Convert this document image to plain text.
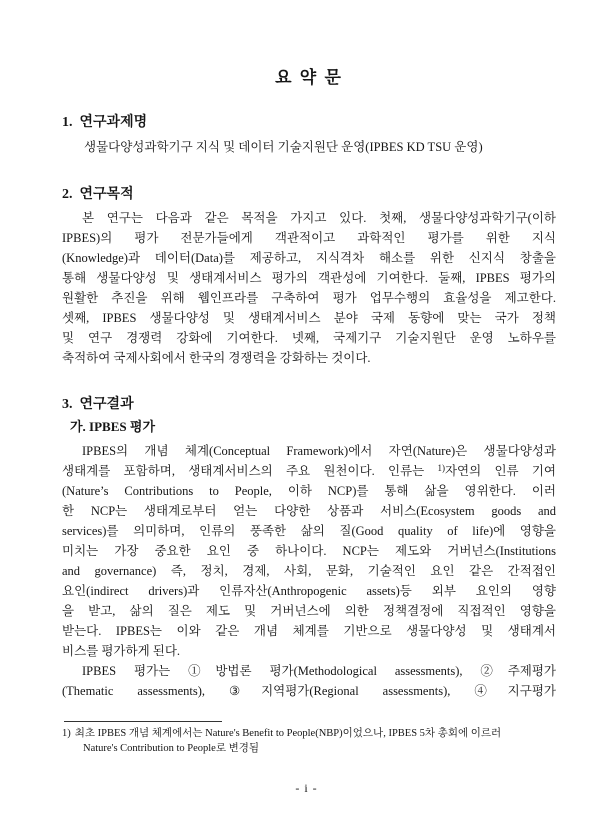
요 약 문
1.  연구과제명
생물다양성과학기구 지식 및 데이터 기술지원단 운영(IPBES KD TSU 운영)
2.  연구목적
본 연구는 다음과 같은 목적을 가지고 있다. 첫째, 생물다양성과학기구(이하
IPBES)의 평가 전문가들에게 객관적이고 과학적인 평가를 위한 지식
(Knowledge)과 데이터(Data)를 제공하고, 지식격차 해소를 위한 신지식 창출을
통해 생물다양성 및 생태계서비스 평가의 객관성에 기여한다. 둘째, IPBES 평가의
원활한 추진을 위해 웹인프라를 구축하여 평가 업무수행의 효율성을 제고한다.
셋째, IPBES 생물다양성 및 생태계서비스 분야 국제 동향에 맞는 국가 정책
및 연구 경쟁력 강화에 기여한다. 넷째, 국제기구 기술지원단 운영 노하우를
축적하여 국제사회에서 한국의 경쟁력을 강화하는 것이다.
3.  연구결과
가. IPBES 평가
IPBES의 개념 체계(Conceptual Framework)에서 자연(Nature)은 생물다양성과
생태계를 포함하며, 생태계서비스의 주요 원천이다. 인류는 $^{1)}$자연의 인류 기여
(Nature’s Contributions to People, 이하 NCP)를 통해 삶을 영위한다. 이러
한 NCP는 생태계로부터 얻는 다양한 상품과 서비스(Ecosystem goods and
services)를 의미하며, 인류의 풍족한 삶의 질(Good quality of life)에 영향을
미치는 가장 중요한 요인 중 하나이다. NCP는 제도와 거버넌스(Institutions
and governance) 즉, 정치, 경제, 사회, 문화, 기술적인 요인 같은 간적접인
요인(indirect drivers)과 인류자산(Anthropogenic assets)등 외부 요인의 영향
을 받고, 삶의 질은 제도 및 거버넌스에 의한 정책결정에 직접적인 영향을
받는다. IPBES는 이와 같은 개념 체계를 기반으로 생물다양성 및 생태계서
비스를 평가하게 된다.
IPBES 평가는 ①방법론 평가(Methodological assessments), ②주제평가
(Thematic assessments), ③지역평가(Regional assessments), ④지구평가
1) 최초 IPBES 개념 체계에서는 Nature's Benefit to People(NBP)이었으나, IPBES 5차 총회에 이르러
Nature's Contribution to People로 변경됨
- i -
